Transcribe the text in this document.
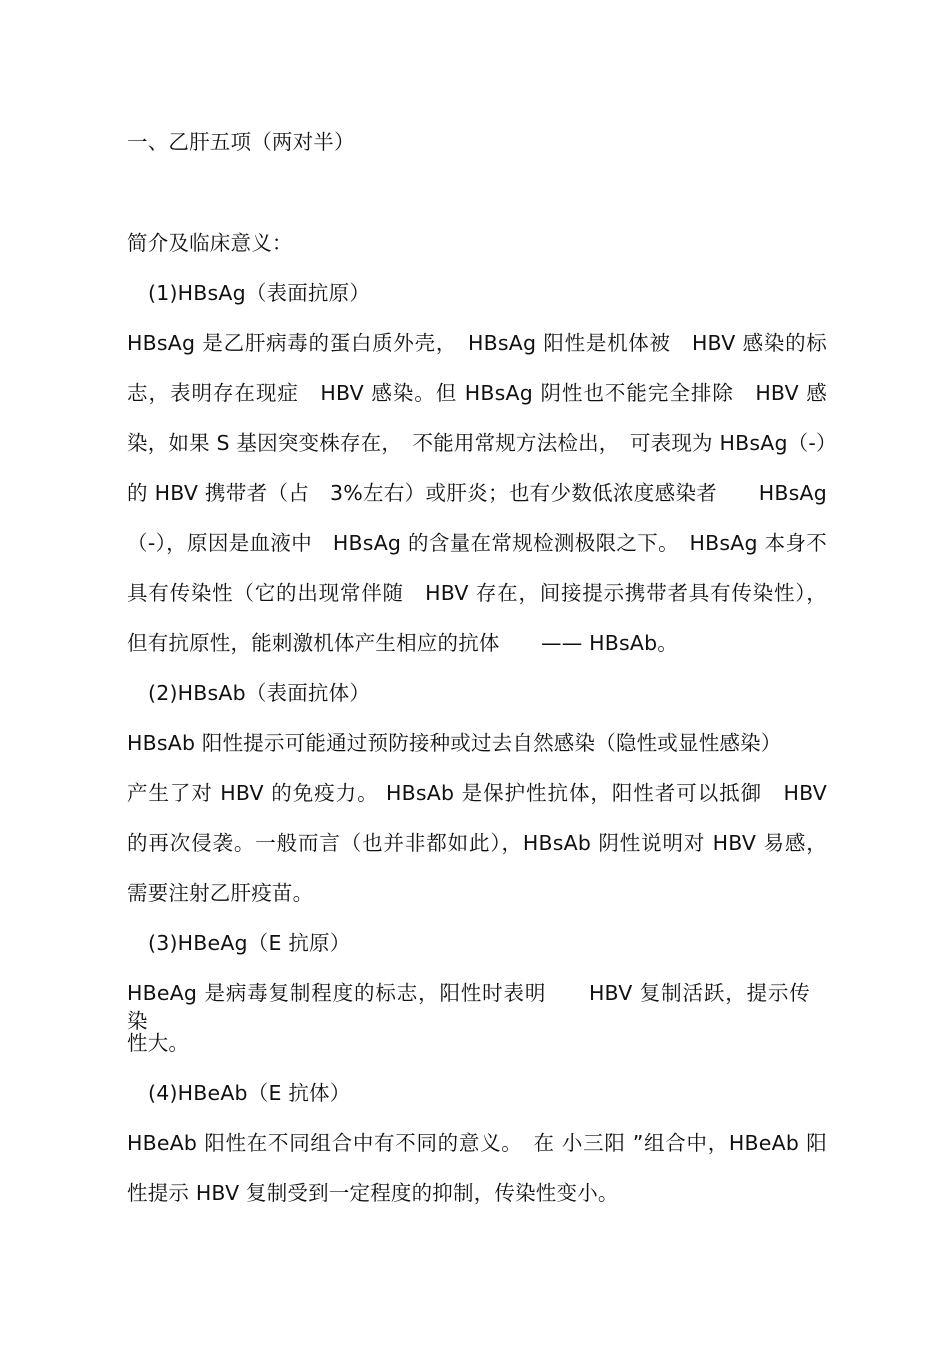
一、乙肝五项（两对半）
简介及临床意义：
(1)HBsAg（表面抗原）
HBsAg 是乙肝病毒的蛋白质外壳，　HBsAg 阳性是机体被　HBV 感染的标
志，表明存在现症　HBV 感染。但 HBsAg 阴性也不能完全排除　HBV 感
染，如果 S 基因突变株存在，　不能用常规方法检出，　可表现为 HBsAg（-）
的 HBV 携带者（占　3%左右）或肝炎；也有少数低浓度感染者　　HBsAg
（-），原因是血液中　HBsAg 的含量在常规检测极限之下。　HBsAg 本身不
具有传染性（它的出现常伴随　HBV 存在，间接提示携带者具有传染性），
但有抗原性，能刺激机体产生相应的抗体　　—— HBsAb。
(2)HBsAb（表面抗体）
HBsAb 阳性提示可能通过预防接种或过去自然感染（隐性或显性感染）
产生了对 HBV 的免疫力。 HBsAb 是保护性抗体，阳性者可以抵御　HBV
的再次侵袭。一般而言（也并非都如此），HBsAb 阴性说明对 HBV 易感，
需要注射乙肝疫苗。
(3)HBeAg（E 抗原）
HBeAg 是病毒复制程度的标志，阳性时表明　　HBV 复制活跃，提示传染
性大。
(4)HBeAb（E 抗体）
HBeAb 阳性在不同组合中有不同的意义。　在 小三阳 ”组合中，HBeAb 阳
性提示 HBV 复制受到一定程度的抑制，传染性变小。
